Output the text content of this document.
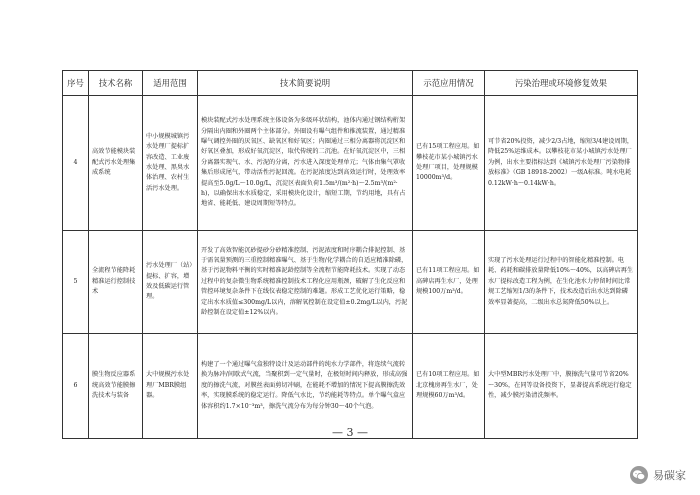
序号	技术名称	适用范围	技术简要说明	示范应用情况	污染治理或环境修复效果
4	高效节能模块装配式污水处理集成系统	中小规模城镇污水处理厂提标扩容改造、工业废水处理、黑臭水体治理、农村生活污水处理。	模块装配式污水处理系统主体设备为多级环状结构，池体内通过钢结构桁架分隔出内圈和外圈两个主体部分。外圈设有曝气组件和推流装置，通过精准曝气调控外圈的厌氧区、缺氧区和好氧区；内圈通过三相分离器将沉淀区和好氧区叠加，形成好氧沉淀区，取代传统的二沉池。在好氧沉淀区中，三相分离器实现气、水、污泥的分离，污水进入深度处理单元；气体由集气罩收集后形成尾气，带动活性污泥回流。在污泥浓度达到高效运行时，处理效率提高至5.0g/L～10.0g/L，沉淀区表面负荷1.5m³/(m²·h)～2.5m³/(m²·h)，以确保出水水质稳定，采用模块化设计，缩短工期，节约用地，具有占地省、能耗低、建设周期短等特点。	已有15项工程应用。如攀枝花市某小城镇污水处理厂项目，处理规模10000m³/d。	可节省20%投资，减少2/3占地，缩短3/4建设周期，降低25%运维成本。以攀枝花市某小城镇污水处理厂为例，出水主要指标达到《城镇污水处理厂污染物排放标准》（GB 18918-2002）一级A标准。吨水电耗0.12kW·h～0.14kW·h。
5	全流程节能降耗精准运行控制技术	污水处理厂（站）提标、扩容，增效及低碳运行管理。	开发了高效智能沉砂提砂分砂精准控制、污泥浓度和时序耦合排泥控制、基于需氧量预测的三重控制精准曝气、基于生物/化学耦合的自适应精准除磷，基于污泥物料平衡的实时精准泥龄控制等全流程节能降耗技术。实现了动态过程中的复杂微生物系统精准控制技术工程化应用瓶颈，破解了生化反应和管控环境复杂条件下在线仪表稳定控制的难题。形成工艺优化运行策略，稳定出水水质值≤300mg/L以内，溶解氧控制在设定值±0.2mg/L以内，污泥龄控制在设定值±12%以内。	已有11项工程应用。如高碑店再生水厂，处理规模100万m³/d。	实现了污水处理运行过程中的智能化精准控制。电耗、药耗和碳排放量降低10%～40%，以高碑店再生水厂提标改造工程为例，在生化池水力停留时间比常规工艺缩短1/3的条件下，技术改造后出水达到除磷效率显著提高，二级出水总氮降低50%以上。
6	膜生物反应器系统高效节能膜擦洗技术与装备	大中规模污水处理厂MBR膜组器。	构建了一个通过曝气盒独特设计及运动部件的纯水力学部件，将连续气流转换为脉冲/间歇式气流，当聚积到一定气量时，在极短时间内释放，形成高强度的擦洗气流，对膜丝表面剪切冲刷，在能耗不增加的情况下提高膜擦洗效率，实现膜系统的稳定运行。降低气水比，节约能耗等特点。单个曝气盒应体容积约1.7×10⁻³m³，擦洗气流分布为每分钟30～40个气泡。	已有10项工程应用。如北京槐房再生水厂，处理规模60万m³/d。	大中型MBR污水处理厂中，膜擦洗气量可节省20%～30%，在同等设备投资下，显著提高系统运行稳定性，减少膜污染清洗频率。
— 3 —
易碳家
